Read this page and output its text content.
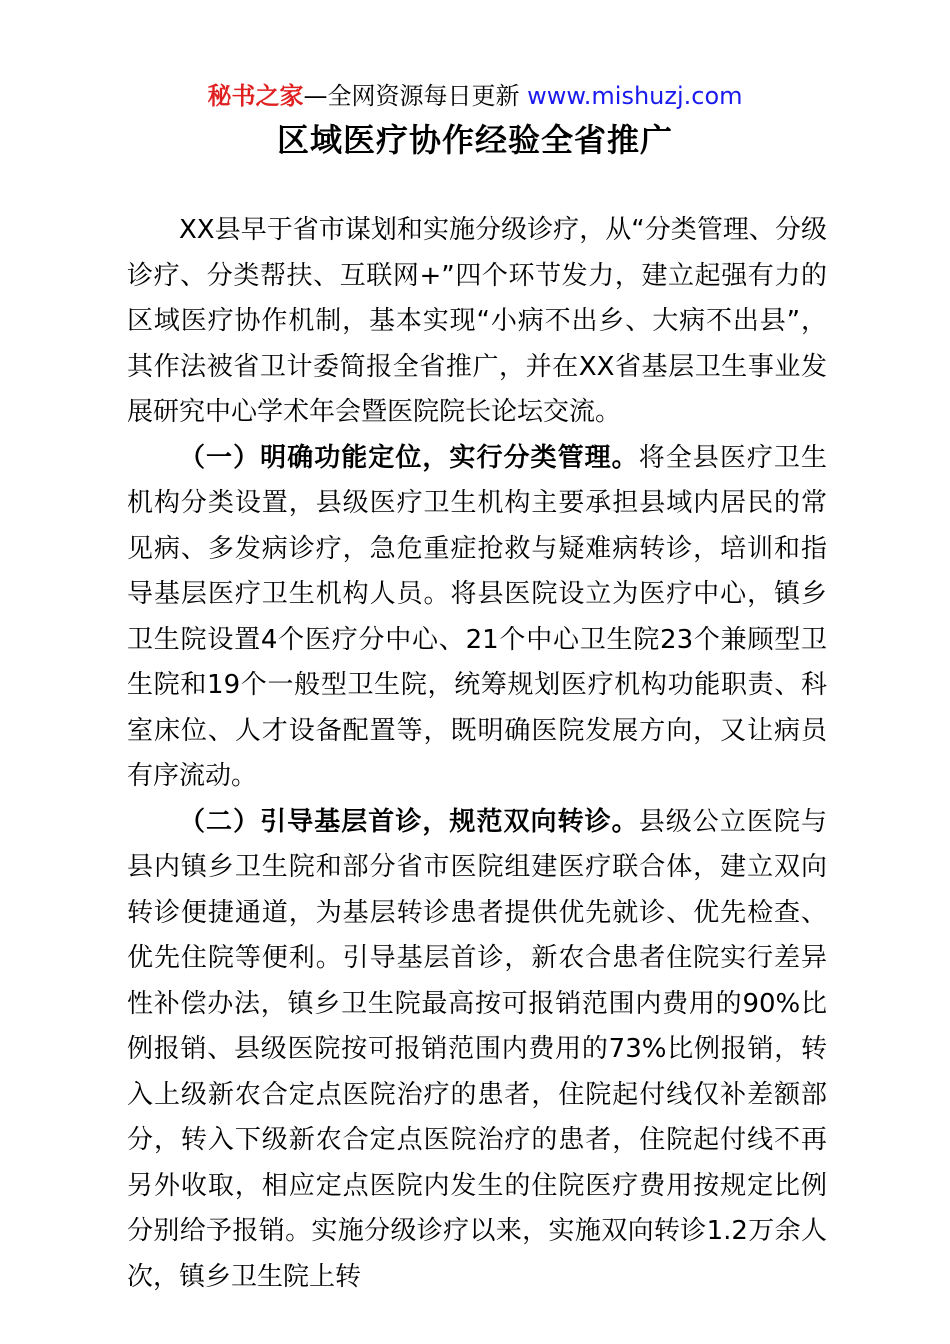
秘书之家—全网资源每日更新 www.mishuzj.com
区域医疗协作经验全省推广

XX县早于省市谋划和实施分级诊疗，从“分类管理、分级诊疗、分类帮扶、互联网+”四个环节发力，建立起强有力的区域医疗协作机制，基本实现“小病不出乡、大病不出县”，其作法被省卫计委简报全省推广，并在XX省基层卫生事业发展研究中心学术年会暨医院院长论坛交流。

（一）明确功能定位，实行分类管理。将全县医疗卫生机构分类设置，县级医疗卫生机构主要承担县域内居民的常见病、多发病诊疗，急危重症抢救与疑难病转诊，培训和指导基层医疗卫生机构人员。将县医院设立为医疗中心，镇乡卫生院设置4个医疗分中心、21个中心卫生院23个兼顾型卫生院和19个一般型卫生院，统筹规划医疗机构功能职责、科室床位、人才设备配置等，既明确医院发展方向，又让病员有序流动。

（二）引导基层首诊，规范双向转诊。县级公立医院与县内镇乡卫生院和部分省市医院组建医疗联合体，建立双向转诊便捷通道，为基层转诊患者提供优先就诊、优先检查、优先住院等便利。引导基层首诊，新农合患者住院实行差异性补偿办法，镇乡卫生院最高按可报销范围内费用的90%比例报销、县级医院按可报销范围内费用的73%比例报销，转入上级新农合定点医院治疗的患者，住院起付线仅补差额部分，转入下级新农合定点医院治疗的患者，住院起付线不再另外收取，相应定点医院内发生的住院医疗费用按规定比例分别给予报销。实施分级诊疗以来，实施双向转诊1.2万余人次，镇乡卫生院上转
